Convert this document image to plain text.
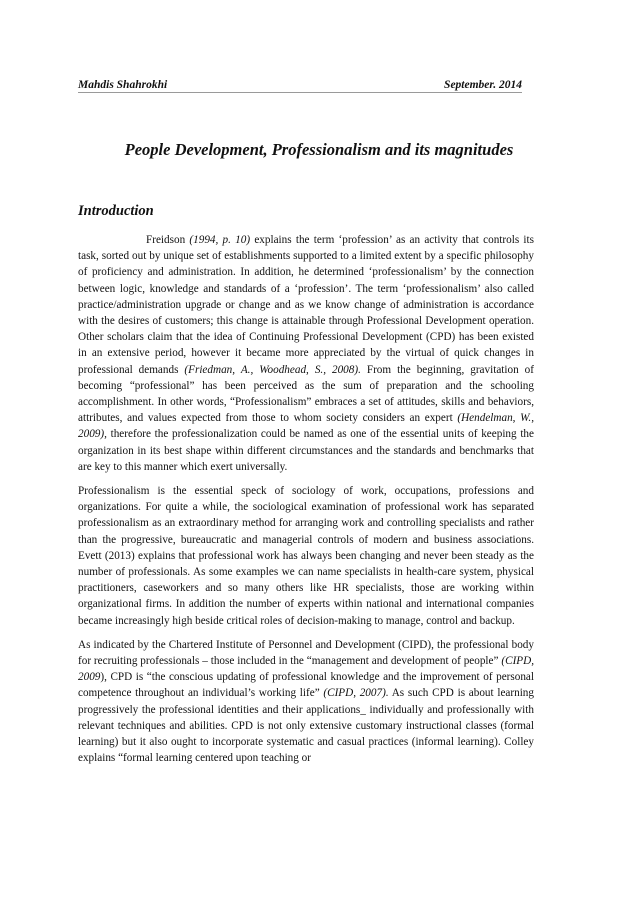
Mahdis Shahrokhi	September. 2014
People Development, Professionalism and its magnitudes
Introduction

Freidson (1994, p. 10) explains the term ‘profession’ as an activity that controls its task, sorted out by unique set of establishments supported to a limited extent by a specific philosophy of proficiency and administration. In addition, he determined ‘professionalism’ by the connection between logic, knowledge and standards of a ‘profession’. The term ‘professionalism’ also called practice/administration upgrade or change and as we know change of administration is accordance with the desires of customers; this change is attainable through Professional Development operation. Other scholars claim that the idea of Continuing Professional Development (CPD) has been existed in an extensive period, however it became more appreciated by the virtual of quick changes in professional demands (Friedman, A., Woodhead, S., 2008). From the beginning, gravitation of becoming “professional” has been perceived as the sum of preparation and the schooling accomplishment. In other words, “Professionalism” embraces a set of attitudes, skills and behaviors, attributes, and values expected from those to whom society considers an expert (Hendelman, W., 2009), therefore the professionalization could be named as one of the essential units of keeping the organization in its best shape within different circumstances and the standards and benchmarks that are key to this manner which exert universally.

Professionalism is the essential speck of sociology of work, occupations, professions and organizations. For quite a while, the sociological examination of professional work has separated professionalism as an extraordinary method for arranging work and controlling specialists and rather than the progressive, bureaucratic and managerial controls of modern and business associations. Evett (2013) explains that professional work has always been changing and never been steady as the number of professionals. As some examples we can name specialists in health-care system, physical practitioners, caseworkers and so many others like HR specialists, those are working within organizational firms. In addition the number of experts within national and international companies became increasingly high beside critical roles of decision-making to manage, control and backup.

As indicated by the Chartered Institute of Personnel and Development (CIPD), the professional body for recruiting professionals – those included in the “management and development of people” (CIPD, 2009), CPD is “the conscious updating of professional knowledge and the improvement of personal competence throughout an individual’s working life” (CIPD, 2007). As such CPD is about learning progressively the professional identities and their applications_ individually and professionally with relevant techniques and abilities. CPD is not only extensive customary instructional classes (formal learning) but it also ought to incorporate systematic and casual practices (informal learning). Colley explains “formal learning centered upon teaching or
